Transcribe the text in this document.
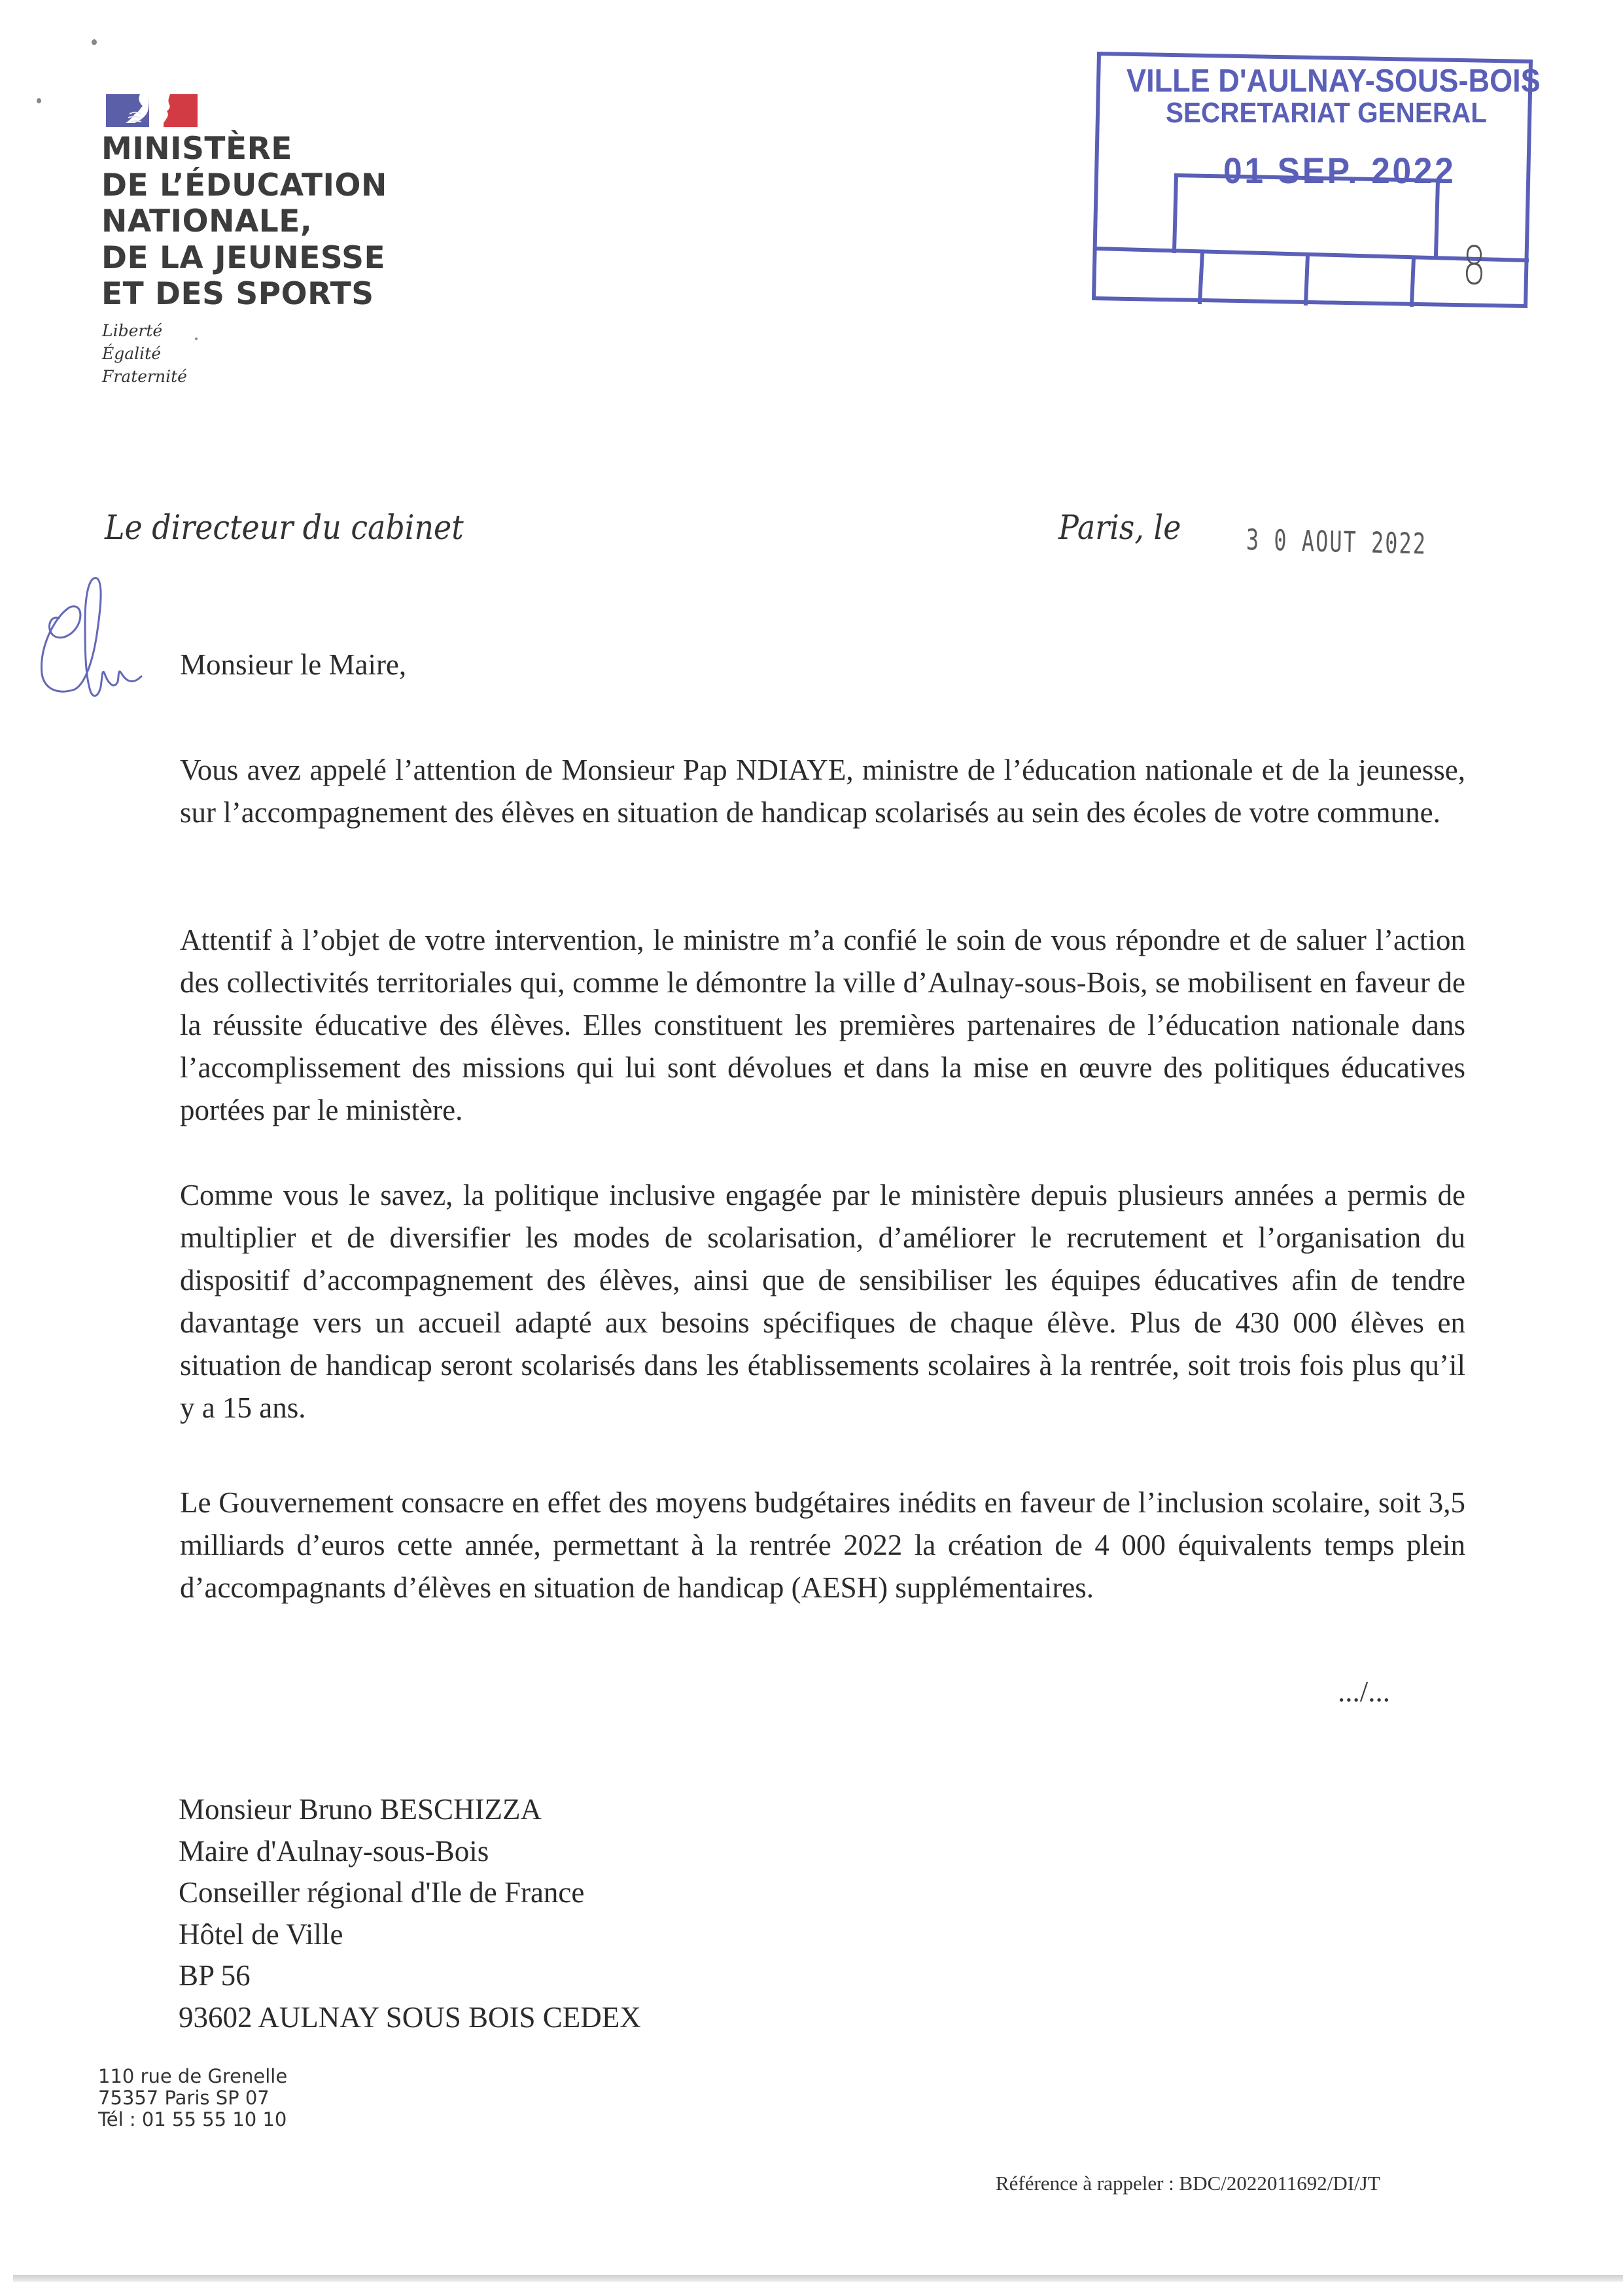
MINISTÈRE
DE L’ÉDUCATION
NATIONALE,
DE LA JEUNESSE
ET DES SPORTS
Liberté
Égalité
Fraternité
VILLE D'AULNAY-SOUS-BOIS
SECRETARIAT GENERAL
01 SEP. 2022
8
Le directeur du cabinet	Paris, le 3 0 AOUT 2022
Monsieur le Maire,
Vous avez appelé l’attention de Monsieur Pap NDIAYE, ministre de l’éducation nationale et de la jeunesse, sur l’accompagnement des élèves en situation de handicap scolarisés au sein des écoles de votre commune.
Attentif à l’objet de votre intervention, le ministre m’a confié le soin de vous répondre et de saluer l’action des collectivités territoriales qui, comme le démontre la ville d’Aulnay-sous-Bois, se mobilisent en faveur de la réussite éducative des élèves. Elles constituent les premières partenaires de l’éducation nationale dans l’accomplissement des missions qui lui sont dévolues et dans la mise en œuvre des politiques éducatives portées par le ministère.
Comme vous le savez, la politique inclusive engagée par le ministère depuis plusieurs années a permis de multiplier et de diversifier les modes de scolarisation, d’améliorer le recrutement et l’organisation du dispositif d’accompagnement des élèves, ainsi que de sensibiliser les équipes éducatives afin de tendre davantage vers un accueil adapté aux besoins spécifiques de chaque élève. Plus de 430 000 élèves en situation de handicap seront scolarisés dans les établissements scolaires à la rentrée, soit trois fois plus qu’il y a 15 ans.
Le Gouvernement consacre en effet des moyens budgétaires inédits en faveur de l’inclusion scolaire, soit 3,5 milliards d’euros cette année, permettant à la rentrée 2022 la création de 4 000 équivalents temps plein d’accompagnants d’élèves en situation de handicap (AESH) supplémentaires.
.../...
Monsieur Bruno BESCHIZZA
Maire d'Aulnay-sous-Bois
Conseiller régional d'Ile de France
Hôtel de Ville
BP 56
93602 AULNAY SOUS BOIS CEDEX
110 rue de Grenelle
75357 Paris SP 07
Tél : 01 55 55 10 10
Référence à rappeler : BDC/2022011692/DI/JT
